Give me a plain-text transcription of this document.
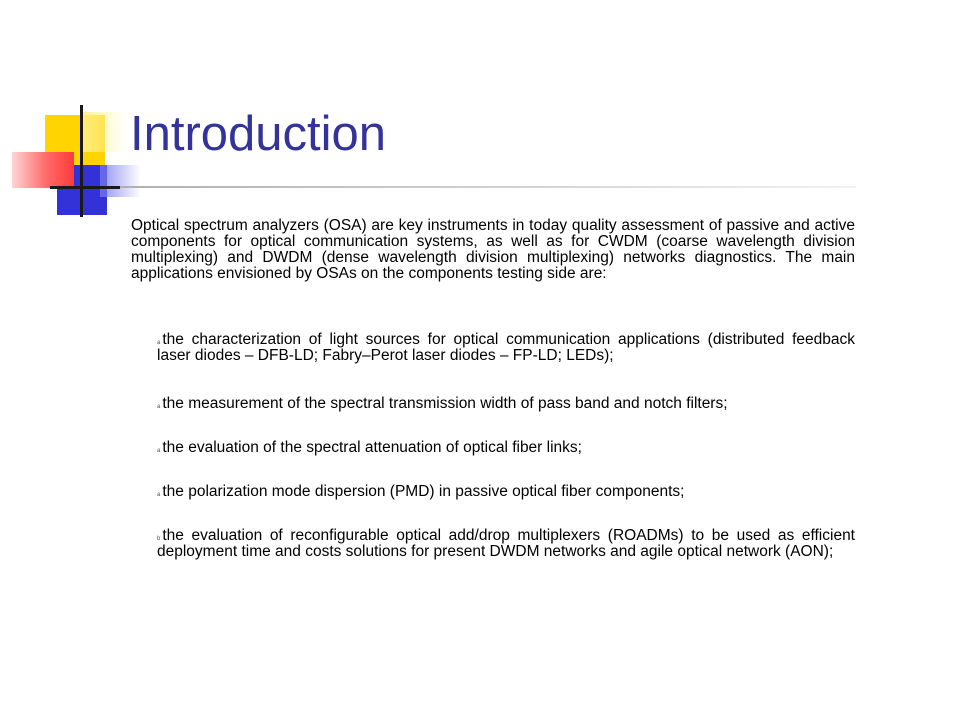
Introduction

Optical spectrum analyzers (OSA) are key instruments in today quality assessment of passive and active components for optical communication systems, as well as for CWDM (coarse wavelength division multiplexing) and DWDM (dense wavelength division multiplexing) networks diagnostics. The main applications envisioned by OSAs on the components testing side are:

a the characterization of light sources for optical communication applications (distributed feedback laser diodes – DFB-LD; Fabry–Perot laser diodes – FP-LD; LEDs);
a the measurement of the spectral transmission width of pass band and notch filters;
a the evaluation of the spectral attenuation of optical fiber links;
a the polarization mode dispersion (PMD) in passive optical fiber components;
b the evaluation of reconfigurable optical add/drop multiplexers (ROADMs) to be used as efficient deployment time and costs solutions for present DWDM networks and agile optical network (AON);
